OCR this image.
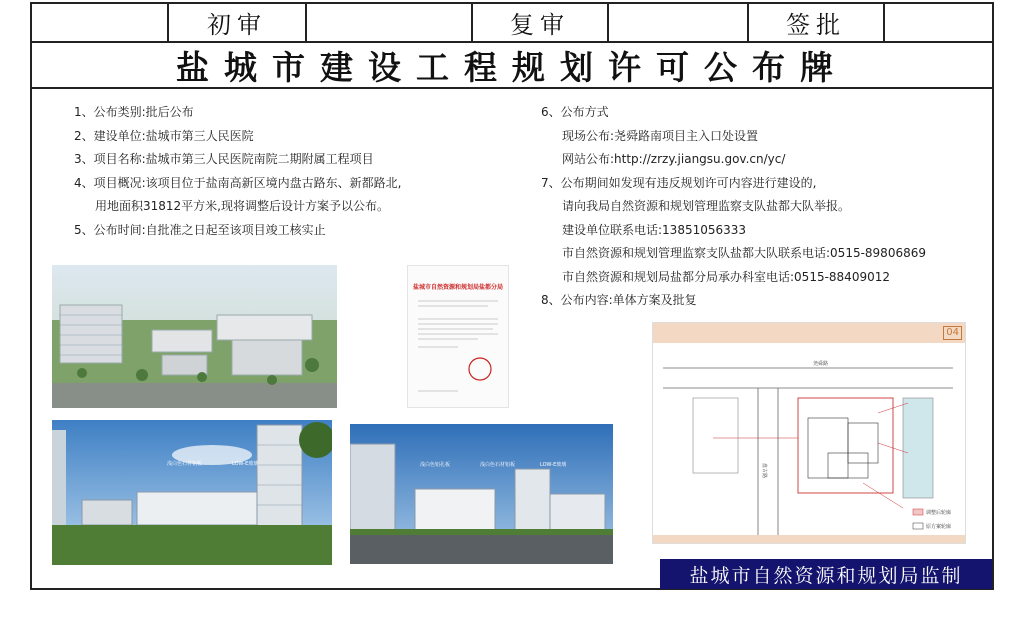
初审	复审	签批
盐城市建设工程规划许可公布牌
1、公布类别:批后公布
2、建设单位:盐城市第三人民医院
3、项目名称:盐城市第三人民医院南院二期附属工程项目
4、项目概况:该项目位于盐南高新区境内盘古路东、新都路北,
用地面积31812平方米,现将调整后设计方案予以公布。
5、公布时间:自批准之日起至该项目竣工核实止
6、公布方式
现场公布:尧舜路南项目主入口处设置
网站公布:http://zrzy.jiangsu.gov.cn/yc/
7、公布期间如发现有违反规划许可内容进行建设的,
请向我局自然资源和规划管理监察支队盐都大队举报。
建设单位联系电话:13851056333
市自然资源和规划管理监察支队盐都大队联系电话:0515-89806869
市自然资源和规划局盐都分局承办科室电话:0515-88409012
8、公布内容:单体方案及批复
盐城市自然资源和规划局盐都分局
浅白色石材铝板	LOW-E玻璃	浅白色铝孔板	浅白色石材铝板	LOW-E玻璃
04
尧舜路
盘古路
调整后轮廓
原方案轮廓
盐城市自然资源和规划局监制
